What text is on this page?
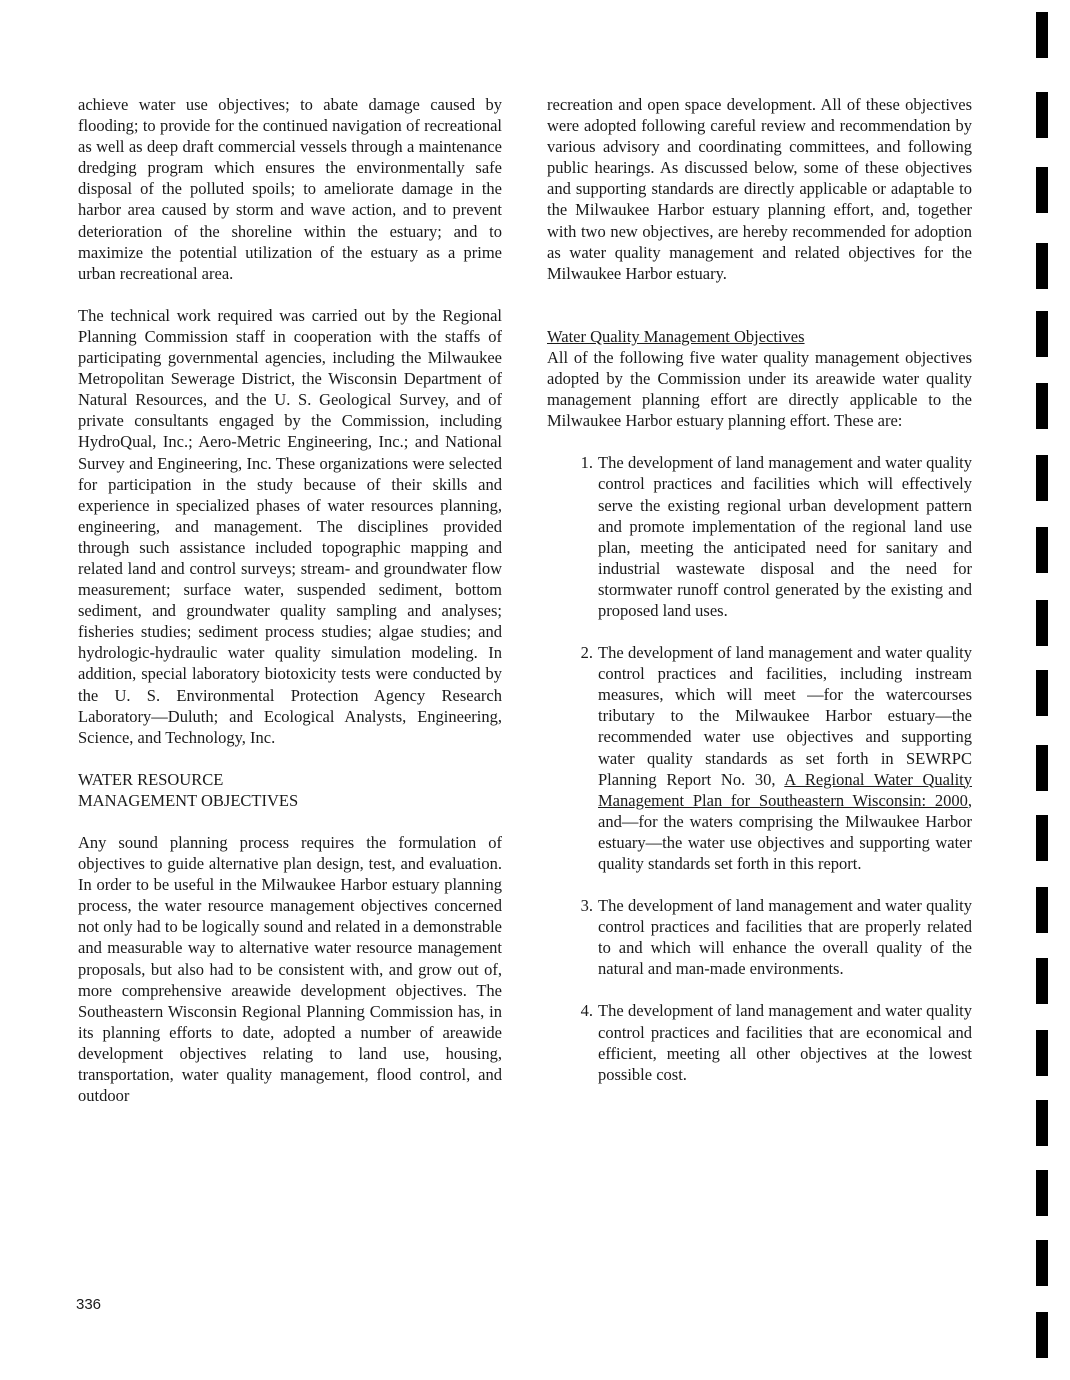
achieve water use objectives; to abate damage caused by flooding; to provide for the continued navigation of recreational as well as deep draft commercial vessels through a maintenance dredging program which ensures the environmentally safe disposal of the polluted spoils; to ameliorate damage in the harbor area caused by storm and wave action, and to prevent deterioration of the shoreline within the estuary; and to maximize the potential utilization of the estuary as a prime urban recreational area.

The technical work required was carried out by the Regional Planning Commission staff in cooperation with the staffs of participating governmental agencies, including the Milwaukee Metropolitan Sewerage District, the Wisconsin Department of Natural Resources, and the U. S. Geological Survey, and of private consultants engaged by the Commission, including HydroQual, Inc.; Aero-Metric Engineering, Inc.; and National Survey and Engineering, Inc. These organizations were selected for participation in the study because of their skills and experience in specialized phases of water resources planning, engineering, and management. The disciplines provided through such assistance included topographic mapping and related land and control surveys; stream- and groundwater flow measurement; surface water, suspended sediment, bottom sediment, and groundwater quality sampling and analyses; fisheries studies; sediment process studies; algae studies; and hydrologic-hydraulic water quality simulation modeling. In addition, special laboratory biotoxicity tests were conducted by the U. S. Environmental Protection Agency Research Laboratory—Duluth; and Ecological Analysts, Engineering, Science, and Technology, Inc.

WATER RESOURCE
MANAGEMENT OBJECTIVES

Any sound planning process requires the formulation of objectives to guide alternative plan design, test, and evaluation. In order to be useful in the Milwaukee Harbor estuary planning process, the water resource management objectives concerned not only had to be logically sound and related in a demonstrable and measurable way to alternative water resource management proposals, but also had to be consistent with, and grow out of, more comprehensive areawide development objectives. The Southeastern Wisconsin Regional Planning Commission has, in its planning efforts to date, adopted a number of areawide development objectives relating to land use, housing, transportation, water quality management, flood control, and outdoor

recreation and open space development. All of these objectives were adopted following careful review and recommendation by various advisory and coordinating committees, and following public hearings. As discussed below, some of these objectives and supporting standards are directly applicable or adaptable to the Milwaukee Harbor estuary planning effort, and, together with two new objectives, are hereby recommended for adoption as water quality management and related objectives for the Milwaukee Harbor estuary.

Water Quality Management Objectives

All of the following five water quality management objectives adopted by the Commission under its areawide water quality management planning effort are directly applicable to the Milwaukee Harbor estuary planning effort. These are:

1. The development of land management and water quality control practices and facilities which will effectively serve the existing regional urban development pattern and promote implementation of the regional land use plan, meeting the anticipated need for sanitary and industrial wastewate disposal and the need for stormwater runoff control generated by the existing and proposed land uses.
2. The development of land management and water quality control practices and facilities, including instream measures, which will meet —for the watercourses tributary to the Milwaukee Harbor estuary—the recommended water use objectives and supporting water quality standards as set forth in SEWRPC Planning Report No. 30, A Regional Water Quality Management Plan for Southeastern Wisconsin: 2000, and—for the waters comprising the Milwaukee Harbor estuary—the water use objectives and supporting water quality standards set forth in this report.
3. The development of land management and water quality control practices and facilities that are properly related to and which will enhance the overall quality of the natural and man-made environments.
4. The development of land management and water quality control practices and facilities that are economical and efficient, meeting all other objectives at the lowest possible cost.
336
